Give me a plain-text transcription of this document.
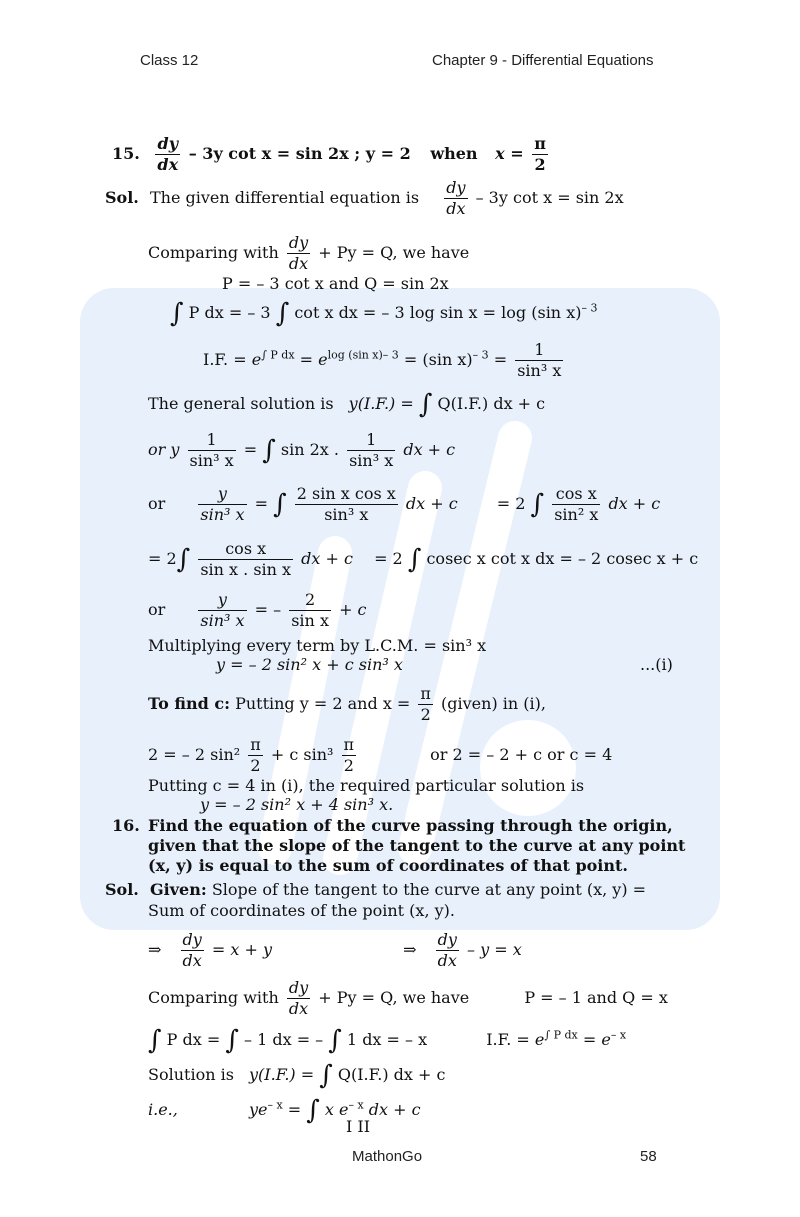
Class 12	Chapter 9 - Differential Equations
15. $\frac{dy}{dx} - 3y$ cot x = sin 2x ; y = 2 when $x = \frac{\pi}{2}$
Sol. The given differential equation is $\frac{dy}{dx} - 3y$ cot x = sin 2x
Comparing with $\frac{dy}{dx} + Py = Q$, we have
P = – 3 cot x and Q = sin 2x
∫ P dx = – 3 ∫ cot x dx = – 3 log sin x = log (sin x)$^{- 3}$
I.F. = $e^{\int P dx} = e^{log (sin x)- 3} = (\sin$ $x)^{- 3} = \frac{1}{\text{sin³ x}}$
The general solution is y(I.F.) = ∫ Q(I.F.) dx + c
or y $\frac{1}{\text{sin³ x}}$ = ∫ sin 2x . $\frac{1}{\text{sin³ x}}$ dx + c
or $\frac{y}{\text{sin³ x}}$ = ∫ $\frac{\text{2 sin x cos x}}{\text{sin³ x}}$ dx + c = 2 ∫ $\frac{\text{cos x}}{\text{sin² x}}$ dx + c
= $2\int \frac{\text{cos x}}{\text{sin x . sin x}}$ dx + c = 2 ∫ cosec x cot x dx = – 2 cosec x + c
or $\frac{y}{\text{sin³ x}}$ = – $\frac{2}{\text{sin x}} + c$
Multiplying every term by L.C.M. = sin³ x
y = – 2 sin² x + c sin³ x	...(i)
To find c: Putting y = 2 and $x = \frac{\pi}{2}$ (given) in (i),
2 = – 2 $\sin^2 \frac{\pi}{2} + c$ $\sin^3 \frac{\pi}{2}$	or 2 = – 2 + c or c = 4
Putting c = 4 in (i), the required particular solution is
y = – 2 sin² x + 4 sin³ x.
16. Find the equation of the curve passing through the origin,
given that the slope of the tangent to the curve at any point
(x, y) is equal to the sum of coordinates of that point.
Sol. Given: Slope of the tangent to the curve at any point (x, y) =
Sum of coordinates of the point (x, y).
⇒ $\frac{dy}{dx} = x + y$	⇒ $\frac{dy}{dx} - y = x$
Comparing with $\frac{dy}{dx} + Py = Q$, we have	P = – 1 and Q = x
∫ P dx = ∫ – 1 dx = – ∫ 1 dx = – x	I.F. = $e^{\int P dx} = e^{- x}$
Solution is y(I.F.) = ∫ Q(I.F.) dx + c
i.e.,	$ye^{- x}$ = ∫ x $e^{- x}$ dx + c
I II
MathonGo	58
